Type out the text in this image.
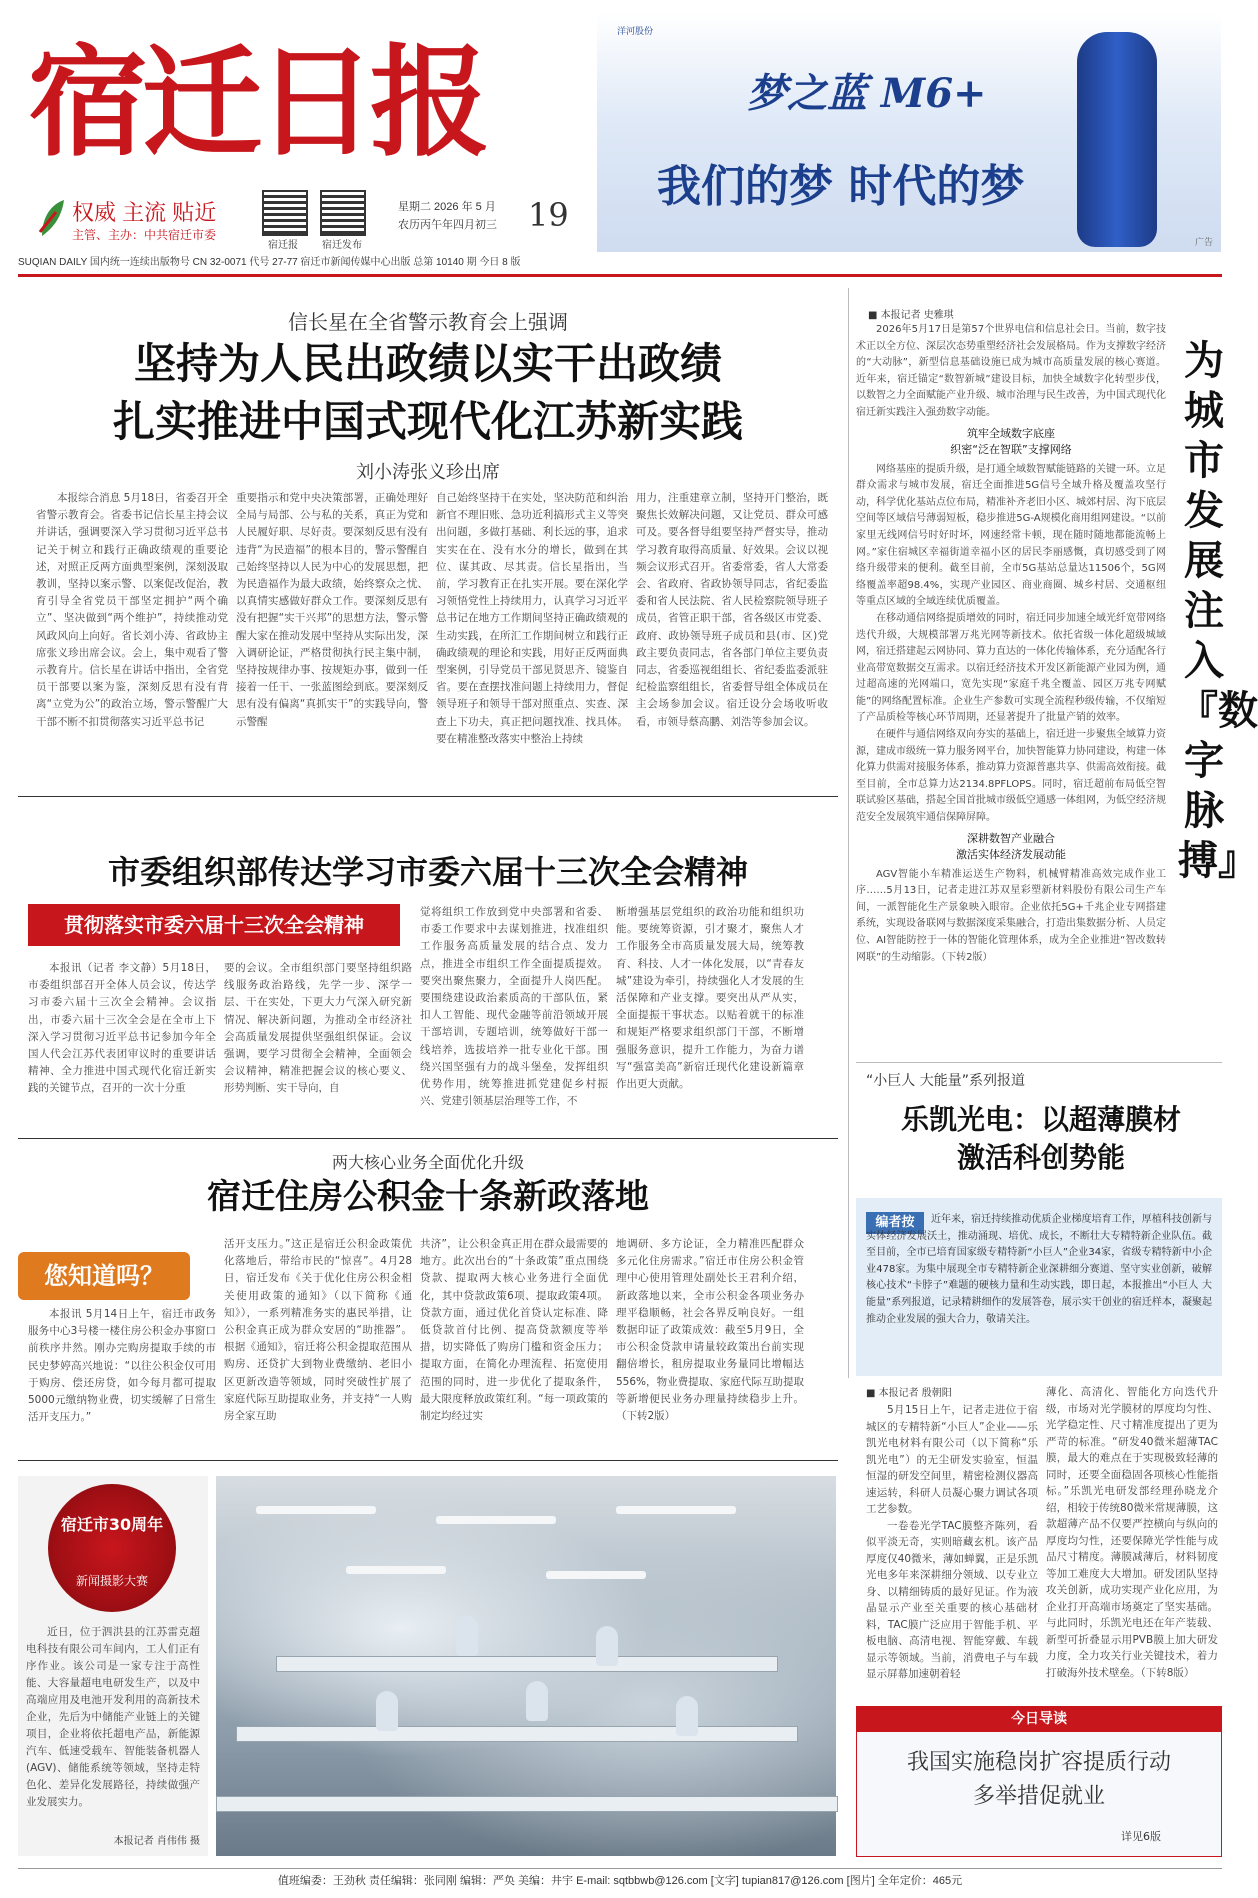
宿迁日报
权威 主流 贴近
主管、主办：中共宿迁市委
宿迁报 宿迁发布
星期二 2026 年 5 月
农历丙午年四月初三 19
洋河股份
梦之蓝 M6+
我们的梦 时代的梦
广告
SUQIAN DAILY 国内统一连续出版物号 CN 32-0071 代号 27-77 宿迁市新闻传媒中心出版 总第 10140 期 今日 8 版
信长星在全省警示教育会上强调
坚持为人民出政绩以实干出政绩
扎实推进中国式现代化江苏新实践
刘小涛张义珍出席

本报综合消息 5月18日，省委召开全省警示教育会。省委书记信长星主持会议并讲话，强调要深入学习贯彻习近平总书记关于树立和践行正确政绩观的重要论述，对照正反两方面典型案例，深刻汲取教训，坚持以案示警、以案促改促治，教育引导全省党员干部坚定拥护“两个确立”、坚决做到“两个维护”，持续推动党风政风向上向好。省长刘小涛、省政协主席张义珍出席会议。会上，集中观看了警示教育片。信长星在讲话中指出，全省党员干部要以案为鉴，深刻反思有没有背离“立党为公”的政治立场，警示警醒广大干部不断不扣贯彻落实习近平总书记

重要指示和党中央决策部署，正确处理好全局与局部、公与私的关系，真正为党和人民履好职、尽好责。要深刻反思有没有违背“为民造福”的根本目的，警示警醒自己始终坚持以人民为中心的发展思想，把为民造福作为最大政绩，始终察众之忧、以真情实感做好群众工作。要深刻反思有没有把握“实干兴邦”的思想方法，警示警醒大家在推动发展中坚持从实际出发，深入调研论证，严格贯彻执行民主集中制，坚持按规律办事、按规矩办事，做到一任接着一任干、一张蓝图绘到底。要深刻反思有没有偏离“真抓实干”的实践导向，警示警醒

自己始终坚持干在实处，坚决防范和纠治新官不理旧账、急功近利搞形式主义等突出问题，多做打基础、利长远的事，追求实实在在、没有水分的增长，做到在其位、谋其政、尽其责。信长星指出，当前，学习教育正在扎实开展。要在深化学习领悟党性上持续用力，认真学习习近平总书记在地方工作期间坚持正确政绩观的生动实践，在所汇工作期间树立和践行正确政绩观的理论和实践，用好正反两面典型案例，引导党员干部见贤思齐、镜鉴自省。要在查摆找准问题上持续用力，督促领导班子和领导干部对照重点、实查、深查上下功夫，真正把问题找准、找具体。要在精准整改落实中整治上持续

用力，注重建章立制，坚持开门整治，既聚焦长效解决问题，又让党员、群众可感可及。要各督导组要坚持严督实导，推动学习教育取得高质量、好效果。会议以视频会议形式召开。省委常委，省人大常委会、省政府、省政协领导同志，省纪委监委和省人民法院、省人民检察院领导班子成员，省管正职干部，省各级区市党委、政府、政协领导班子成员和县(市、区)党政主要负责同志，省各部门单位主要负责同志，省委巡视组组长、省纪委监委派驻纪检监察组组长，省委督导组全体成员在主会场参加会议。宿迁设分会场收听收看，市领导蔡高鹏、刘浩等参加会议。

■ 本报记者 史雅琪

2026年5月17日是第57个世界电信和信息社会日。当前，数字技术正以全方位、深层次态势重塑经济社会发展格局。作为支撑数字经济的“大动脉”，新型信息基础设施已成为城市高质量发展的核心赛道。近年来，宿迁锚定“数智新城”建设目标，加快全域数字化转型步伐，以数智之力全面赋能产业升级、城市治理与民生改善，为中国式现代化宿迁新实践注入强劲数字动能。

筑牢全域数字底座
织密“泛在智联”支撑网络

网络基座的提质升级，是打通全域数智赋能链路的关键一环。立足群众需求与城市发展，宿迁全面推进5G信号全域升格及覆盖攻坚行动，科学优化基站点位布局，精准补齐老旧小区、城郊村居、沟下底层空间等区域信号薄弱短板，稳步推进5G-A规模化商用组网建设。“以前家里无线网信号时好时坏，网速经常卡顿，现在随时随地都能流畅上网。”家住宿城区幸福街道幸福小区的居民李丽感慨，真切感受到了网络升级带来的便利。截至目前，全市5G基站总量达11506个，5G网络覆盖率超98.4%，实现产业园区、商业商圈、城乡村居、交通枢纽等重点区域的全域连续优质覆盖。

在移动通信网络提质增效的同时，宿迁同步加速全域光纤宽带网络迭代升级，大规模部署万兆光网等新技术。依托省级一体化超级城域网，宿迁搭建起云网协同、算力直达的一体化传输体系，充分适配各行业高带宽数据交互需求。以宿迁经济技术开发区新能源产业园为例，通过超高速的光网端口，宽先实现“家庭千兆全覆盖、园区万兆专网赋能”的网络配置标准。企业生产参数可实现全流程秒级传输，不仅缩短了产品质检等核心环节周期，还显著提升了批量产销的效率。

在硬件与通信网络双向夯实的基础上，宿迁进一步聚焦全域算力资源，建成市级统一算力服务网平台，加快智能算力协同建设，构建一体化算力供需对接服务体系，推动算力资源普惠共享、供需高效衔接。截至目前，全市总算力达2134.8PFLOPS。同时，宿迁超前布局低空智联试验区基础，搭起全国首批城市级低空通感一体组网，为低空经济规范安全发展筑牢通信保障屏障。

深耕数智产业融合
激活实体经济发展动能

AGV智能小车精准运送生产物料，机械臂精准高效完成作业工序……5月13日，记者走进江苏双星彩塑新材料股份有限公司生产车间，一派智能化生产景象映入眼帘。企业依托5G+千兆企业专网搭建系统，实现设备联网与数据深度采集融合，打造出集数据分析、人员定位、AI智能防控于一体的智能化管理体系，成为全企业推进“智改数转网联”的生动缩影。（下转2版）

为城市发展注入『数字脉搏』
市委组织部传达学习市委六届十三次全会精神
贯彻落实市委六届十三次全会精神

本报讯（记者 李文静）5月18日，市委组织部召开全体人员会议，传达学习市委六届十三次全会精神。会议指出，市委六届十三次全会是在全市上下深入学习贯彻习近平总书记参加今年全国人代会江苏代表团审议时的重要讲话精神、全力推进中国式现代化宿迁新实践的关键节点，召开的一次十分重

要的会议。全市组织部门要坚持组织路线服务政治路线，先学一步、深学一层、干在实处，下更大力气深入研究新情况、解决新问题，为推动全市经济社会高质量发展提供坚强组织保证。会议强调，要学习贯彻全会精神，全面领会会议精神，精准把握会议的核心要义、形势判断、实干导向，自

觉将组织工作放到党中央部署和省委、市委工作要求中去谋划推进，找准组织工作服务高质量发展的结合点、发力点，推进全市组织工作全面提质提效。要突出聚焦聚力，全面提升人岗匹配。要围绕建设政治素质高的干部队伍，紧扣人工智能、现代金融等前沿领域开展干部培训，专题培训，统筹做好干部一线培养，选拔培养一批专业化干部。围绕兴国坚强有力的战斗堡垒，发挥组织优势作用，统筹推进抓党建促乡村振兴、党建引领基层治理等工作，不

断增强基层党组织的政治功能和组织功能。要统筹资源，引才聚才，聚焦人才工作服务全市高质量发展大局，统筹教育、科技、人才一体化发展，以“青春友城”建设为牵引，持续强化人才发展的生活保障和产业支撑。要突出从严从实，全面提振干事状态。以贴着就干的标准和规矩严格要求组织部门干部，不断增强服务意识，提升工作能力，为奋力谱写“强富美高”新宿迁现代化建设新篇章作出更大贡献。

两大核心业务全面优化升级
宿迁住房公积金十条新政落地
您知道吗？

本报讯 5月14日上午，宿迁市政务服务中心3号楼一楼住房公积金办事窗口前秩序井然。刚办完购房提取手续的市民史梦婷高兴地说：“以往公积金仅可用于购房、偿还房贷，如今每月都可提取5000元缴纳物业费，切实缓解了日常生活开支压力。”

活开支压力。”这正是宿迁公积金政策优化落地后，带给市民的“惊喜”。4月28日，宿迁发布《关于优化住房公积金相关使用政策的通知》（以下简称《通知》），一系列精准务实的惠民举措，让公积金真正成为群众安居的“助推器”。根据《通知》，宿迁将公积金提取范围从购房、还贷扩大到物业费缴纳、老旧小区更新改造等领域，同时突破性扩展了家庭代际互助提取业务，并支持“一人购房全家互助

共济”，让公积金真正用在群众最需要的地方。此次出台的“十条政策”重点围绕贷款、提取两大核心业务进行全面优化，其中贷款政策6项、提取政策4项。贷款方面，通过优化首贷认定标准、降低贷款首付比例、提高贷款额度等举措，切实降低了购房门槛和资金压力；提取方面，在简化办理流程、拓宽使用范围的同时，进一步优化了提取条件，最大限度释放政策红利。“每一项政策的制定均经过实

地调研、多方论证，全力精准匹配群众多元化住房需求。”宿迁市住房公积金管理中心使用管理处副处长王君利介绍，新政落地以来，全市公积金各项业务办理平稳顺畅，社会各界反响良好。一组数据印证了政策成效：截至5月9日，全市公积金贷款申请量较政策出台前实现翻倍增长，租房提取业务量同比增幅达556%，物业费提取、家庭代际互助提取等新增便民业务办理量持续稳步上升。（下转2版）

宿迁市30周年
新闻摄影大赛

近日，位于泗洪县的江苏雷克超电科技有限公司车间内，工人们正有序作业。该公司是一家专注于高性能、大容量超电电研发生产，以及中高端应用及电池开发利用的高新技术企业，先后为中储能产业链上的关键项目，企业将依托超电产品，新能源汽车、低速受载车、智能装备机器人(AGV)、储能系统等领域，坚持走特色化、差异化发展路径，持续做强产业发展实力。

本报记者 肖伟伟 摄
“小巨人 大能量”系列报道
乐凯光电：以超薄膜材
激活科创势能
编者按	近年来，宿迁持续推动优质企业梯度培育工作，厚植科技创新与实体经济发展沃土，推动涌现、培优、成长，不断壮大专精特新企业队伍。截至目前，全市已培育国家级专精特新“小巨人”企业34家，省级专精特新中小企业478家。为集中展现全市专精特新企业深耕细分赛道、坚守实业创新，破解核心技术“卡脖子”难题的硬核力量和生动实践，即日起，本报推出“小巨人 大能量”系列报道，记录精耕细作的发展答卷，展示实干创业的宿迁样本，凝聚起推动企业发展的强大合力，敬请关注。

■ 本报记者 殷朝阳

5月15日上午，记者走进位于宿城区的专精特新“小巨人”企业——乐凯光电材料有限公司（以下简称“乐凯光电”）的无尘研发实验室，恒温恒湿的研发空间里，精密检测仪器高速运转，科研人员凝心聚力调试各项工艺参数。

一卷卷光学TAC膜整齐陈列，看似平淡无奇，实则暗藏玄机。该产品厚度仅40微米，薄如蝉翼，正是乐凯光电多年来深耕细分领域、以专业立身、以精细铸质的最好见证。作为液晶显示产业至关重要的核心基础材料，TAC膜广泛应用于智能手机、平板电脑、高清电视、智能穿戴、车载显示等领域。当前，消费电子与车载显示屏幕加速朝着轻

薄化、高清化、智能化方向迭代升级，市场对光学膜材的厚度均匀性、光学稳定性、尺寸精准度提出了更为严苛的标准。“研发40微米超薄TAC膜，最大的难点在于实现极致轻薄的同时，还要全面稳固各项核心性能指标。”乐凯光电研发部经理孙晓龙介绍，相较于传统80微米常规薄膜，这款超薄产品不仅要严控横向与纵向的厚度均匀性，还要保障光学性能与成品尺寸精度。薄膜减薄后，材料韧度等加工难度大大增加。研发团队坚持攻关创新，成功实现产业化应用，为企业打开高端市场奠定了坚实基础。与此同时，乐凯光电还在年产装载、新型可折叠显示用PVB膜上加大研发力度，全力攻关行业关键技术，着力打破海外技术壁垒。（下转8版）

今日导读
我国实施稳岗扩容提质行动
多举措促就业
详见6版
值班编委：王劲秋 责任编辑：张同刚 编辑：严奂 美编：井宇 E-mail: sqtbbwb@126.com [文字] tupian817@126.com [图片] 全年定价：465元
